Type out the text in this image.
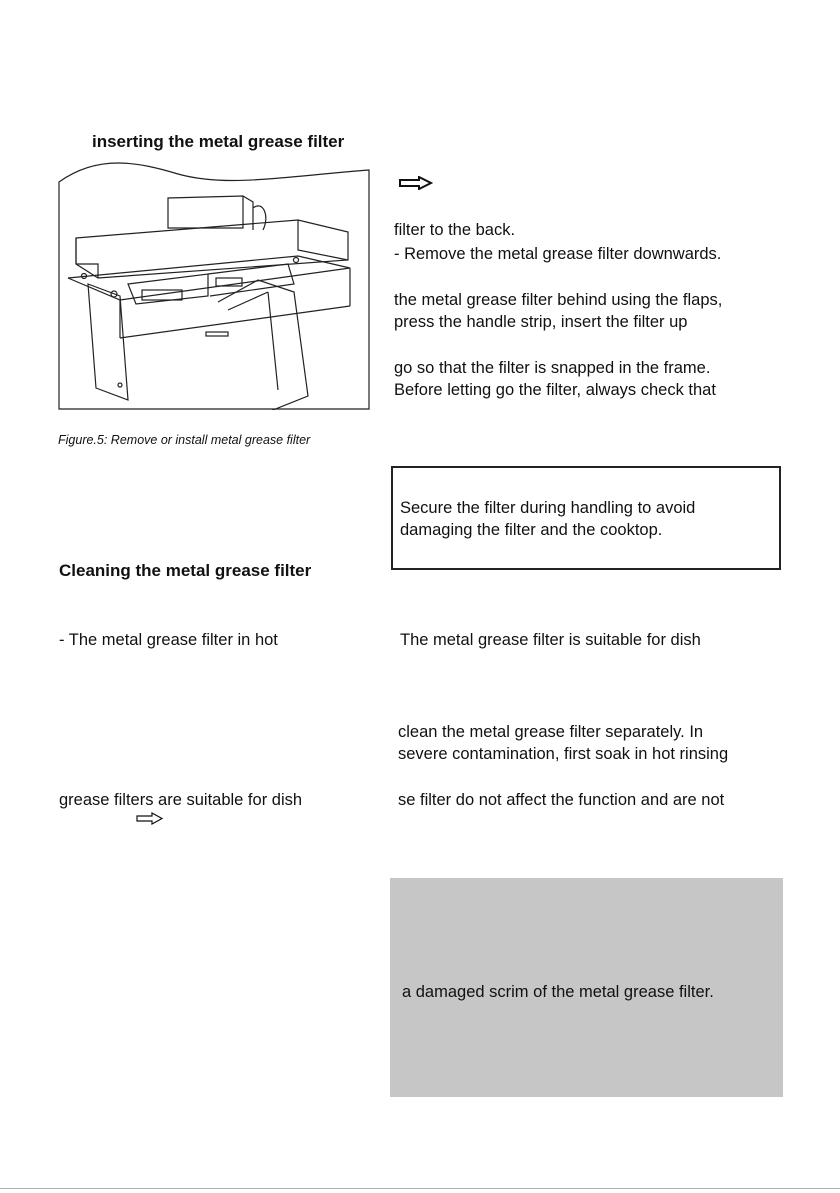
inserting the metal grease filter
Figure.5: Remove or install metal grease filter
filter to the back.
- Remove the metal grease filter downwards.
the metal grease filter behind using the flaps,
press the handle strip, insert the filter up
go so that the filter is snapped in the frame.
Before letting go the filter, always check that
Secure the filter during handling to avoid
damaging the filter and the cooktop.
Cleaning the metal grease filter
- The metal grease filter in hot
grease filters are suitable for dish
The metal grease filter is suitable for dish
clean the metal grease filter separately. In
severe contamination, first soak in hot rinsing
se filter do not affect the function and are not
a damaged scrim of the metal grease filter.
